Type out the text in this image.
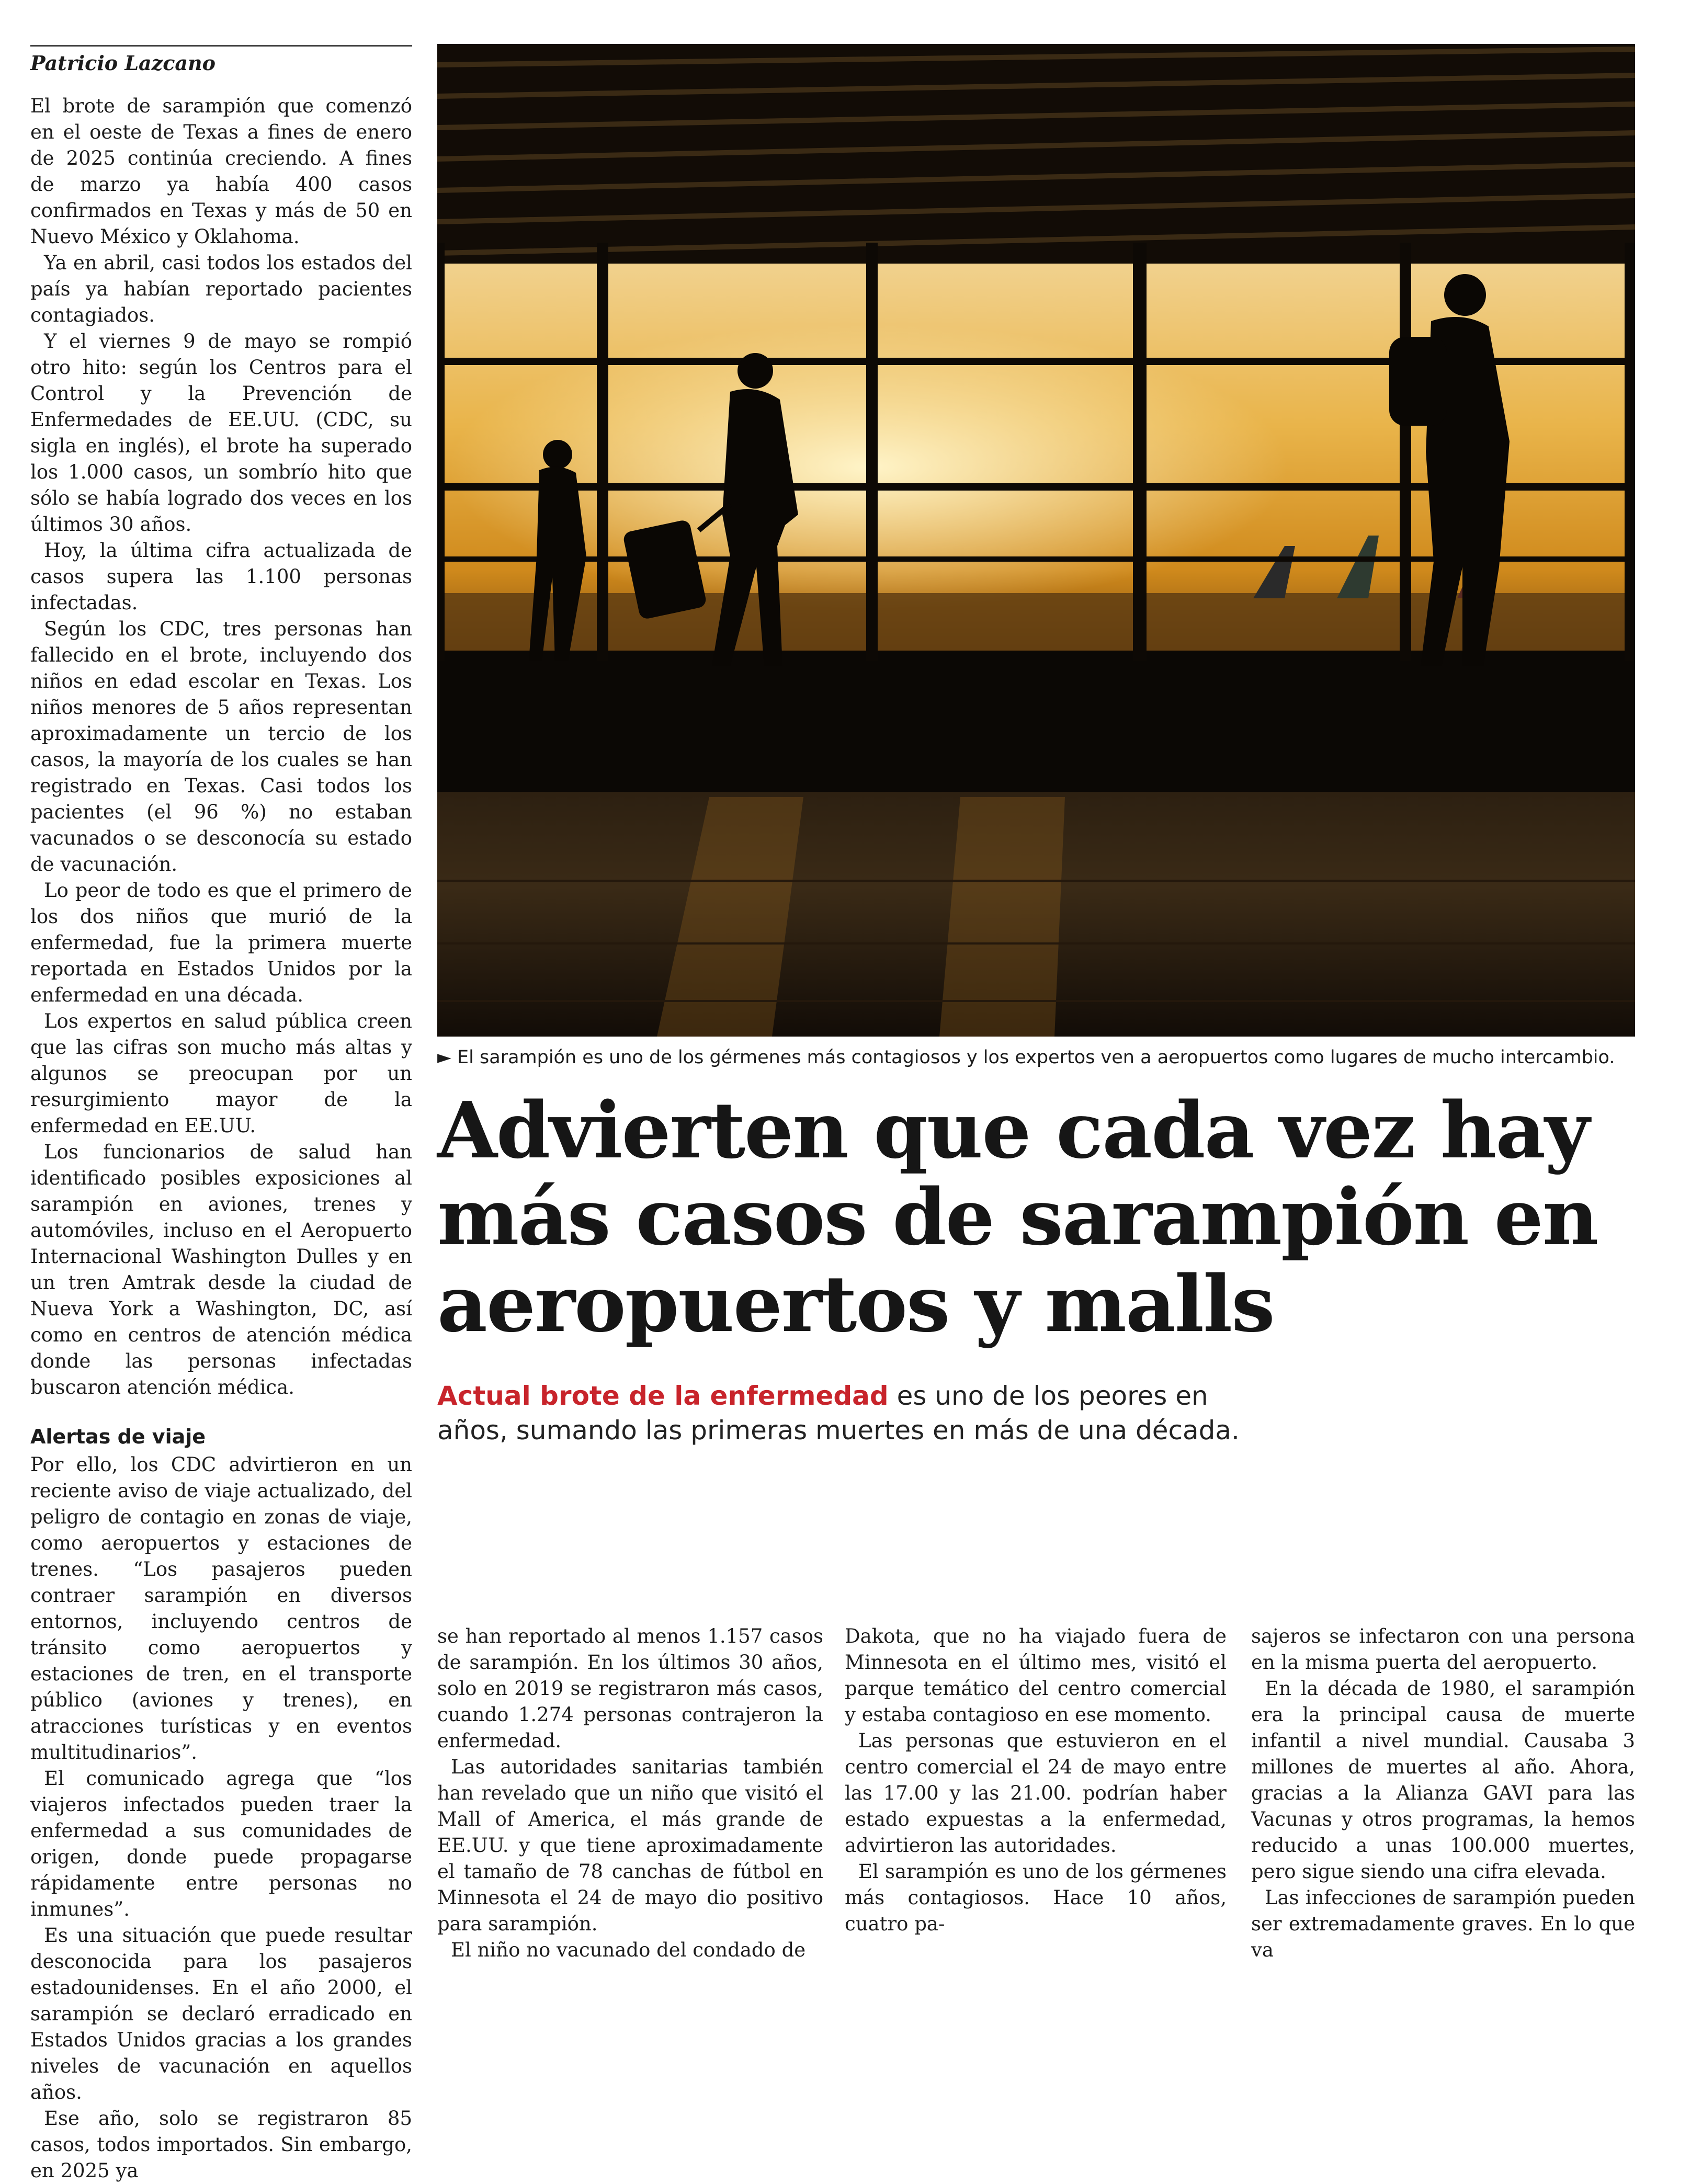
Patricio Lazcano

El brote de sarampión que comenzó en el oeste de Texas a fines de enero de 2025 continúa creciendo. A fines de marzo ya había 400 casos confirmados en Texas y más de 50 en Nuevo México y Oklahoma.

Ya en abril, casi todos los estados del país ya habían reportado pacientes contagiados.

Y el viernes 9 de mayo se rompió otro hito: según los Centros para el Control y la Prevención de Enfermedades de EE.UU. (CDC, su sigla en inglés), el brote ha superado los 1.000 casos, un sombrío hito que sólo se había logrado dos veces en los últimos 30 años.

Hoy, la última cifra actualizada de casos supera las 1.100 personas infectadas.

Según los CDC, tres personas han fallecido en el brote, incluyendo dos niños en edad escolar en Texas. Los niños menores de 5 años representan aproximadamente un tercio de los casos, la mayoría de los cuales se han registrado en Texas. Casi todos los pacientes (el 96 %) no estaban vacunados o se desconocía su estado de vacunación.

Lo peor de todo es que el primero de los dos niños que murió de la enfermedad, fue la primera muerte reportada en Estados Unidos por la enfermedad en una década.

Los expertos en salud pública creen que las cifras son mucho más altas y algunos se preocupan por un resurgimiento mayor de la enfermedad en EE.UU.

Los funcionarios de salud han identificado posibles exposiciones al sarampión en aviones, trenes y automóviles, incluso en el Aeropuerto Internacional Washington Dulles y en un tren Amtrak desde la ciudad de Nueva York a Washington, DC, así como en centros de atención médica donde las personas infectadas buscaron atención médica.

Alertas de viaje

Por ello, los CDC advirtieron en un reciente aviso de viaje actualizado, del peligro de contagio en zonas de viaje, como aeropuertos y estaciones de trenes. “Los pasajeros pueden contraer sarampión en diversos entornos, incluyendo centros de tránsito como aeropuertos y estaciones de tren, en el transporte público (aviones y trenes), en atracciones turísticas y en eventos multitudinarios”.

El comunicado agrega que “los viajeros infectados pueden traer la enfermedad a sus comunidades de origen, donde puede propagarse rápidamente entre personas no inmunes”.

Es una situación que puede resultar desconocida para los pasajeros estadounidenses. En el año 2000, el sarampión se declaró erradicado en Estados Unidos gracias a los grandes niveles de vacunación en aquellos años.

Ese año, solo se registraron 85 casos, todos importados. Sin embargo, en 2025 ya

► El sarampión es uno de los gérmenes más contagiosos y los expertos ven a aeropuertos como lugares de mucho intercambio.
Advierten que cada vez hay más casos de sarampión en aeropuertos y malls
Actual brote de la enfermedad es uno de los peores en años, sumando las primeras muertes en más de una década.

se han reportado al menos 1.157 casos de sarampión. En los últimos 30 años, solo en 2019 se registraron más casos, cuando 1.274 personas contrajeron la enfermedad.

Las autoridades sanitarias también han revelado que un niño que visitó el Mall of America, el más grande de EE.UU. y que tiene aproximadamente el tamaño de 78 canchas de fútbol en Minnesota el 24 de mayo dio positivo para sarampión.

El niño no vacunado del condado de

Dakota, que no ha viajado fuera de Minnesota en el último mes, visitó el parque temático del centro comercial y estaba contagioso en ese momento.

Las personas que estuvieron en el centro comercial el 24 de mayo entre las 17.00 y las 21.00. podrían haber estado expuestas a la enfermedad, advirtieron las autoridades.

El sarampión es uno de los gérmenes más contagiosos. Hace 10 años, cuatro pa-

sajeros se infectaron con una persona en la misma puerta del aeropuerto.

En la década de 1980, el sarampión era la principal causa de muerte infantil a nivel mundial. Causaba 3 millones de muertes al año. Ahora, gracias a la Alianza GAVI para las Vacunas y otros programas, la hemos reducido a unas 100.000 muertes, pero sigue siendo una cifra elevada.

Las infecciones de sarampión pueden ser extremadamente graves. En lo que va
